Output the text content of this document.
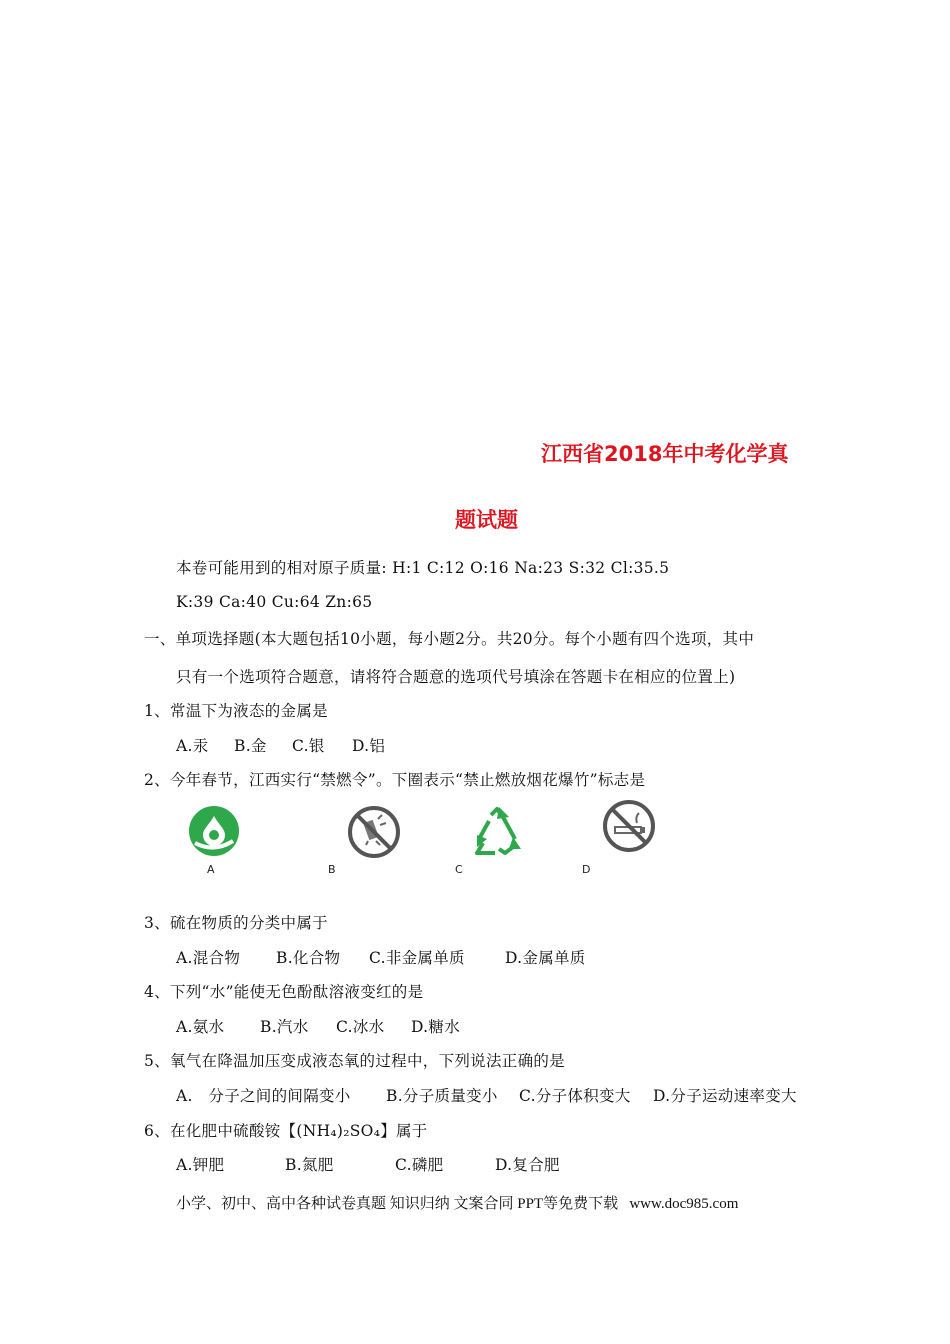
江西省2018年中考化学真
题试题
本卷可能用到的相对原子质量: H:1 C:12 O:16 Na:23 S:32 Cl:35.5
K:39 Ca:40 Cu:64 Zn:65
一、单项选择题(本大题包括10小题，每小题2分。共20分。每个小题有四个选项，其中
只有一个选项符合题意，请将符合题意的选项代号填涂在答题卡在相应的位置上)
1、常温下为液态的金属是
A.汞 B.金 C.银 D.铝
2、今年春节，江西实行“禁燃令”。下圈表示“禁止燃放烟花爆竹”标志是
A	B	C	D
3、硫在物质的分类中属于
A.混合物 B.化合物 C.非金属单质	D.金属单质
4、下列“水”能使无色酚酞溶液变红的是
A.氨水 B.汽水 C.冰水 D.糖水
5、氧气在降温加压变成液态氧的过程中，下列说法正确的是
A.   分子之间的间隔变小 B.分子质量变小 C.分子体积变大 D.分子运动速率变大
6、在化肥中硫酸铵【(NH₄)₂SO₄】属于
A.钾肥	B.氮肥	C.磷肥	D.复合肥
小学、初中、高中各种试卷真题 知识归纳 文案合同 PPT等免费下载   www.doc985.com
